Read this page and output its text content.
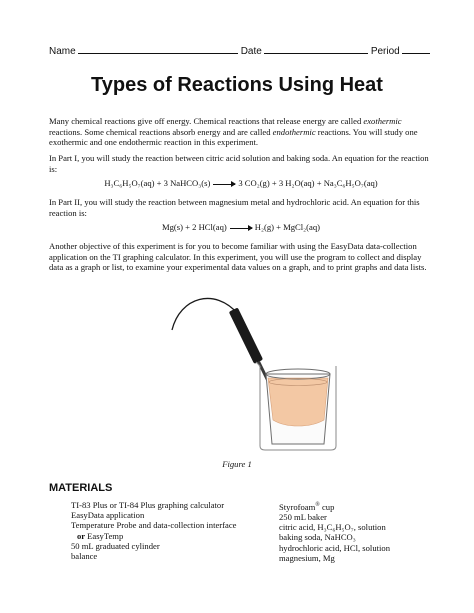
Name	Date	Period
Types of Reactions Using Heat
Many chemical reactions give off energy. Chemical reactions that release energy are called exothermic reactions. Some chemical reactions absorb energy and are called endothermic reactions. You will study one exothermic and one endothermic reaction in this experiment.
In Part I, you will study the reaction between citric acid solution and baking soda. An equation for the reaction is:
H₃C₆H₅O₇(aq) + 3 NaHCO₃(s) → 3 CO₂(g) + 3 H₂O(aq) + Na₃C₆H₅O₇(aq)
In Part II, you will study the reaction between magnesium metal and hydrochloric acid. An equation for this reaction is:
Mg(s) + 2 HCl(aq) → H₂(g) + MgCl₂(aq)
Another objective of this experiment is for you to become familiar with using the EasyData data-collection application on the TI graphing calculator. In this experiment, you will use the program to collect and display data as a graph or list, to examine your experimental data values on a graph, and to print graphs and data lists.
Figure 1
MATERIALS
TI-83 Plus or TI-84 Plus graphing calculator
EasyData application
Temperature Probe and data-collection interface
or EasyTemp
50 mL graduated cylinder
balance
Styrofoam® cup
250 mL baker
citric acid, H₃C₆H₅O₇, solution
baking soda, NaHCO₃
hydrochloric acid, HCl, solution
magnesium, Mg
